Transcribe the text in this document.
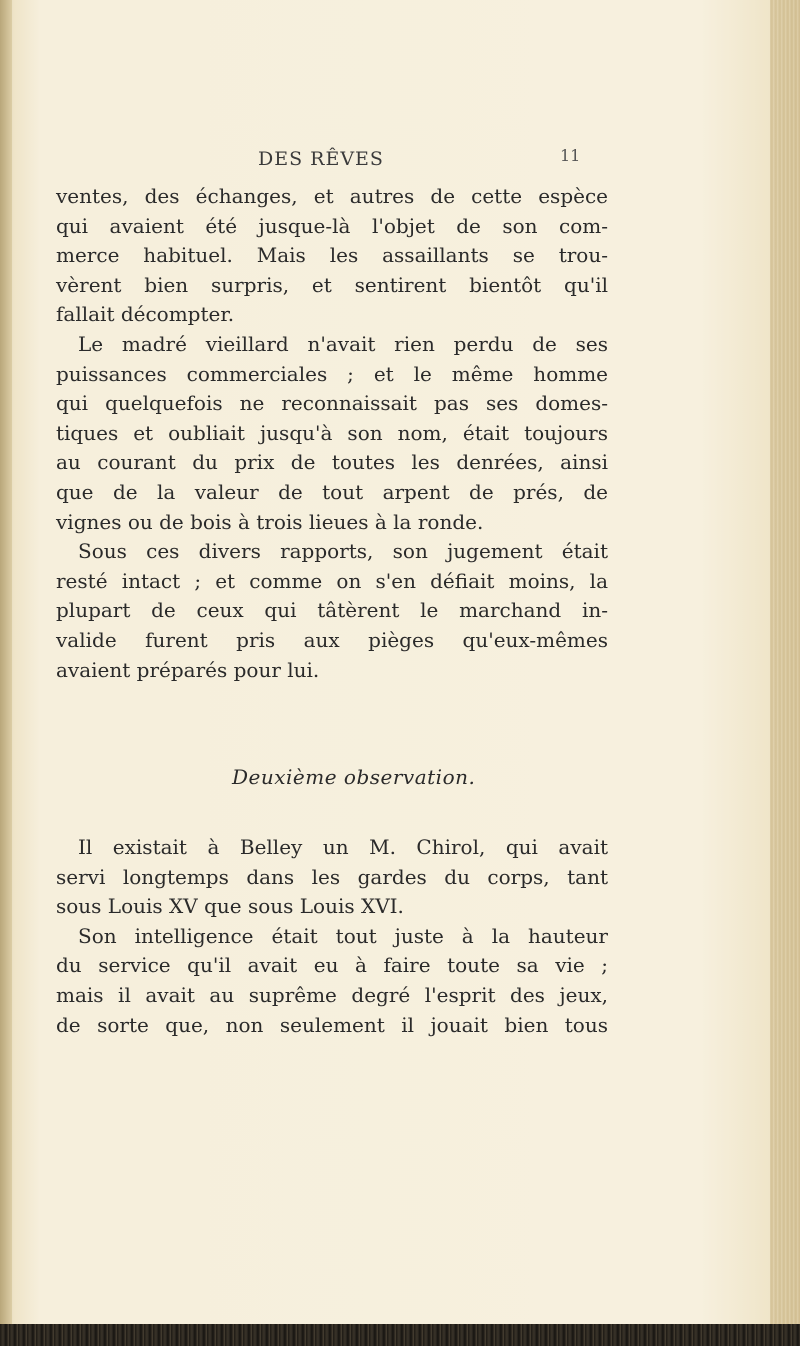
DES RÊVES	11
ventes, des échanges, et autres de cette espèce
qui avaient été jusque-là l'objet de son com-
merce habituel. Mais les assaillants se trou-
vèrent bien surpris, et sentirent bientôt qu'il
fallait décompter.
Le madré vieillard n'avait rien perdu de ses
puissances commerciales ; et le même homme
qui quelquefois ne reconnaissait pas ses domes-
tiques et oubliait jusqu'à son nom, était toujours
au courant du prix de toutes les denrées, ainsi
que de la valeur de tout arpent de prés, de
vignes ou de bois à trois lieues à la ronde.
Sous ces divers rapports, son jugement était
resté intact ; et comme on s'en défiait moins, la
plupart de ceux qui tâtèrent le marchand in-
valide furent pris aux pièges qu'eux-mêmes
avaient préparés pour lui.
Deuxième observation.
Il existait à Belley un M. Chirol, qui avait
servi longtemps dans les gardes du corps, tant
sous Louis XV que sous Louis XVI.
Son intelligence était tout juste à la hauteur
du service qu'il avait eu à faire toute sa vie ;
mais il avait au suprême degré l'esprit des jeux,
de sorte que, non seulement il jouait bien tous
